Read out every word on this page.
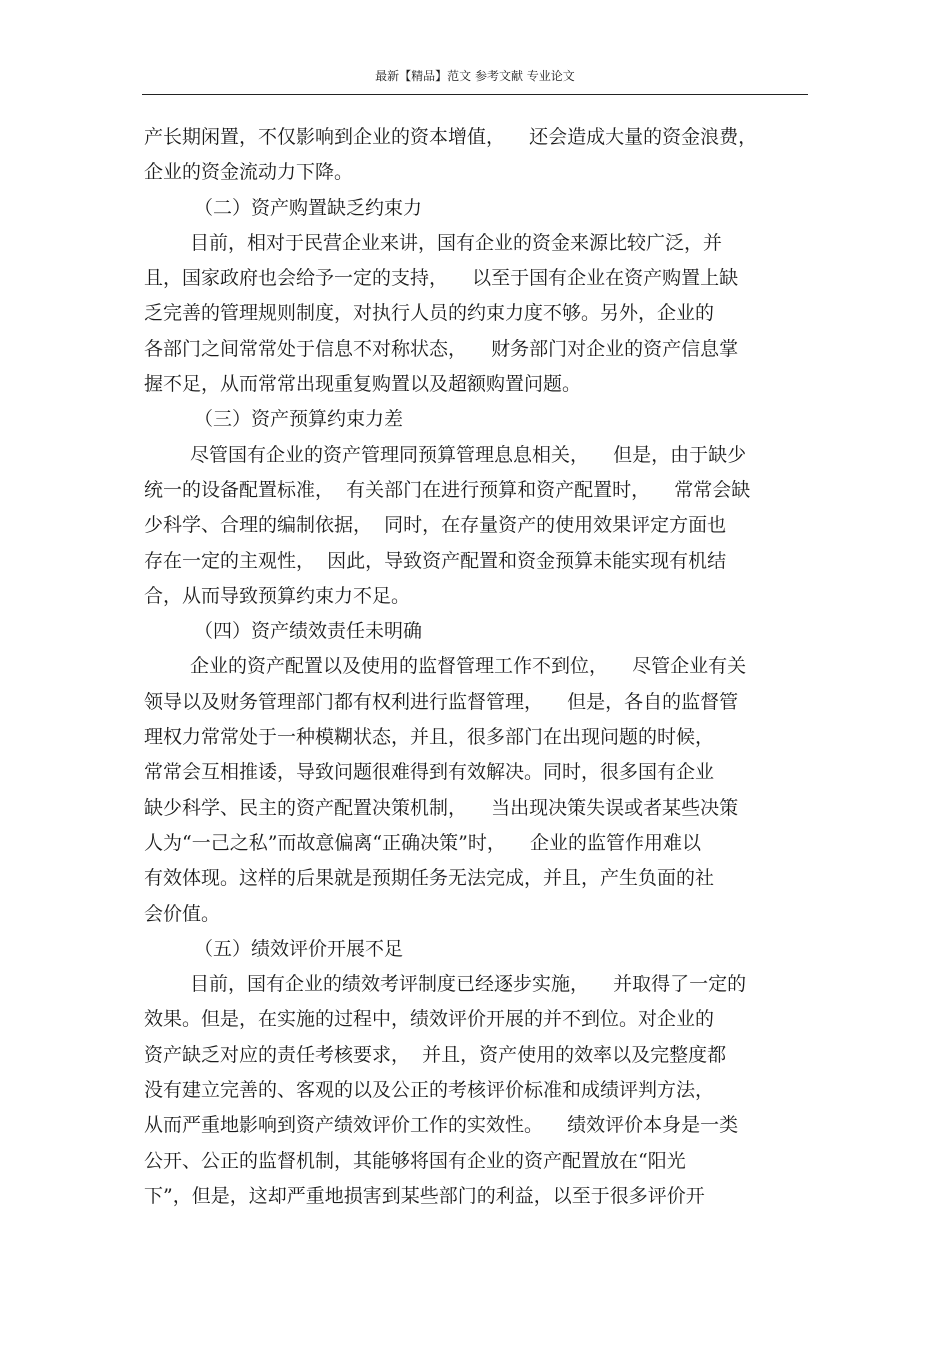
最新【精品】范文 参考文献 专业论文
产长期闲置，不仅影响到企业的资本增值，    还会造成大量的资金浪费，
企业的资金流动力下降。
（二）资产购置缺乏约束力
目前，相对于民营企业来讲，国有企业的资金来源比较广泛，并
且，国家政府也会给予一定的支持，    以至于国有企业在资产购置上缺
乏完善的管理规则制度，对执行人员的约束力度不够。另外，企业的
各部门之间常常处于信息不对称状态，    财务部门对企业的资产信息掌
握不足，从而常常出现重复购置以及超额购置问题。
（三）资产预算约束力差
尽管国有企业的资产管理同预算管理息息相关，    但是，由于缺少
统一的设备配置标准，  有关部门在进行预算和资产配置时，    常常会缺
少科学、合理的编制依据，  同时，在存量资产的使用效果评定方面也
存在一定的主观性，  因此，导致资产配置和资金预算未能实现有机结
合，从而导致预算约束力不足。
（四）资产绩效责任未明确
企业的资产配置以及使用的监督管理工作不到位，    尽管企业有关
领导以及财务管理部门都有权利进行监督管理，    但是，各自的监督管
理权力常常处于一种模糊状态，并且，很多部门在出现问题的时候，
常常会互相推诿，导致问题很难得到有效解决。同时，很多国有企业
缺少科学、民主的资产配置决策机制，    当出现决策失误或者某些决策
人为“一己之私”而故意偏离“正确决策”时，    企业的监管作用难以
有效体现。这样的后果就是预期任务无法完成，并且，产生负面的社
会价值。
（五）绩效评价开展不足
目前，国有企业的绩效考评制度已经逐步实施，    并取得了一定的
效果。但是，在实施的过程中，绩效评价开展的并不到位。对企业的
资产缺乏对应的责任考核要求，  并且，资产使用的效率以及完整度都
没有建立完善的、客观的以及公正的考核评价标准和成绩评判方法，
从而严重地影响到资产绩效评价工作的实效性。    绩效评价本身是一类
公开、公正的监督机制，其能够将国有企业的资产配置放在“阳光
下”，但是，这却严重地损害到某些部门的利益，以至于很多评价开
